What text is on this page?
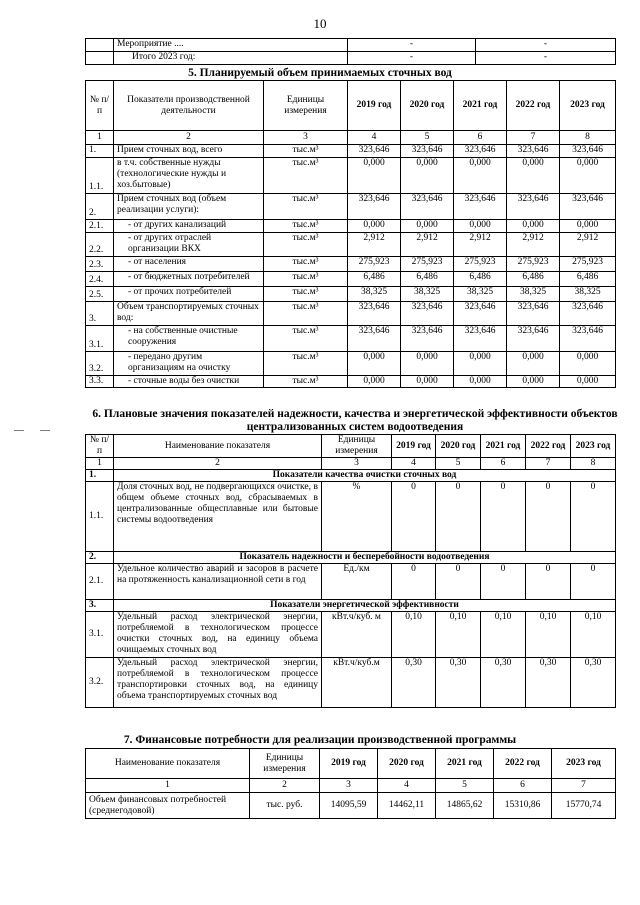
10
	Мероприятие ....	-	-
	Итого 2023 год:	-	-
5. Планируемый объем принимаемых сточных вод
№ п/п	Показатели производственной деятельности	Единицы измерения	2019 год	2020 год	2021 год	2022 год	2023 год
1	2	3	4	5	6	7	8
1.	Прием сточных вод, всего	тыс.м³	323,646	323,646	323,646	323,646	323,646
1.1.	в т.ч. собственные нужды (технологические нужды и хоз.бытовые)	тыс.м³	0,000	0,000	0,000	0,000	0,000
2.	Прием сточных вод (объем реализации услуги):	тыс.м³	323,646	323,646	323,646	323,646	323,646
2.1.	- от других канализаций	тыс.м³	0,000	0,000	0,000	0,000	0,000
2.2.	- от других отраслей организации ВКХ	тыс.м³	2,912	2,912	2,912	2,912	2,912
2.3.	- от населения	тыс.м³	275,923	275,923	275,923	275,923	275,923
2.4.	- от бюджетных потребителей	тыс.м³	6,486	6,486	6,486	6,486	6,486
2.5.	- от прочих потребителей	тыс.м³	38,325	38,325	38,325	38,325	38,325
3.	Объем транспортируемых сточных вод:	тыс.м³	323,646	323,646	323,646	323,646	323,646
3.1.	- на собственные очистные сооружения	тыс.м³	323,646	323,646	323,646	323,646	323,646
3.2.	- передано другим организациям на очистку	тыс.м³	0,000	0,000	0,000	0,000	0,000
3.3.	- сточные воды без очистки	тыс.м³	0,000	0,000	0,000	0,000	0,000
6. Плановые значения показателей надежности, качества и энергетической эффективности объектов централизованных систем водоотведения
— —
№ п/п	Наименование показателя	Единицы измерения	2019 год	2020 год	2021 год	2022 год	2023 год
1	2	3	4	5	6	7	8
1.	Показатели качества очистки сточных вод						
1.1.	Доля сточных вод, не подвергающихся очистке, в общем объеме сточных вод, сбрасываемых в централизованные общесплавные или бытовые системы водоотведения	%	0	0	0	0	0
2.	Показатель надежности и бесперебойности водоотведения						
2.1.	Удельное количество аварий и засоров в расчете на протяженность канализационной сети в год	Ед./км	0	0	0	0	0
3.	Показатели энергетической эффективности						
3.1.	Удельный расход электрической энергии, потребляемой в технологическом процессе очистки сточных вод, на единицу объема очищаемых сточных вод	кВт.ч/куб. м	0,10	0,10	0,10	0,10	0,10
3.2.	Удельный расход электрической энергии, потребляемой в технологическом процессе транспортировки сточных вод, на единицу объема транспортируемых сточных вод	кВт.ч/куб.м	0,30	0,30	0,30	0,30	0,30
7. Финансовые потребности для реализации производственной программы
Наименование показателя	Единицы измерения	2019 год	2020 год	2021 год	2022 год	2023 год
1	2	3	4	5	6	7
Объем финансовых потребностей (среднегодовой)	тыс. руб.	14095,59	14462,11	14865,62	15310,86	15770,74
